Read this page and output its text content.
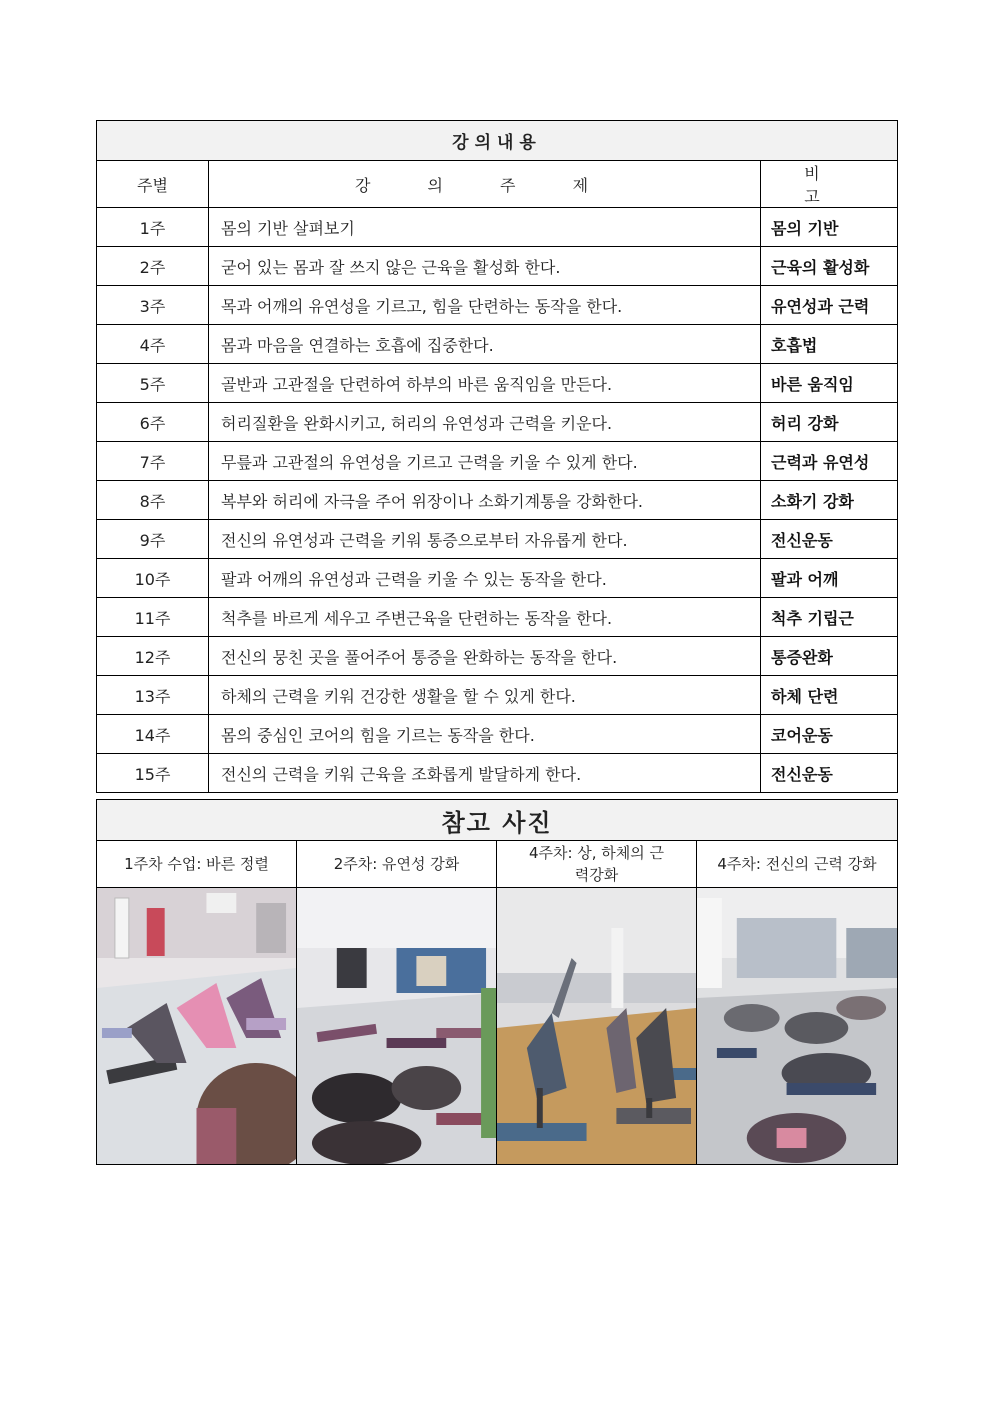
강의내용		
주별	강 의 주 제	비 고
1주	몸의 기반 살펴보기	몸의 기반
2주	굳어 있는 몸과 잘 쓰지 않은 근육을 활성화 한다.	근육의 활성화
3주	목과 어깨의 유연성을 기르고, 힘을 단련하는 동작을 한다.	유연성과 근력
4주	몸과 마음을 연결하는 호흡에 집중한다.	호흡법
5주	골반과 고관절을 단련하여 하부의 바른 움직임을 만든다.	바른 움직임
6주	허리질환을 완화시키고, 허리의 유연성과 근력을 키운다.	허리 강화
7주	무릎과 고관절의 유연성을 기르고 근력을 키울 수 있게 한다.	근력과 유연성
8주	복부와 허리에 자극을 주어 위장이나 소화기계통을 강화한다.	소화기 강화
9주	전신의 유연성과 근력을 키워 통증으로부터 자유롭게 한다.	전신운동
10주	팔과 어깨의 유연성과 근력을 키울 수 있는 동작을 한다.	팔과 어깨
11주	척추를 바르게 세우고 주변근육을 단련하는 동작을 한다.	척추 기립근
12주	전신의 뭉친 곳을 풀어주어 통증을 완화하는 동작을 한다.	통증완화
13주	하체의 근력을 키워 건강한 생활을 할 수 있게 한다.	하체 단련
14주	몸의 중심인 코어의 힘을 기르는 동작을 한다.	코어운동
15주	전신의 근력을 키워 근육을 조화롭게 발달하게 한다.	전신운동
참고 사진			
1주차 수업: 바른 정렬	2주차: 유연성 강화	4주차: 상, 하체의 근력강화	4주차: 전신의 근력 강화
